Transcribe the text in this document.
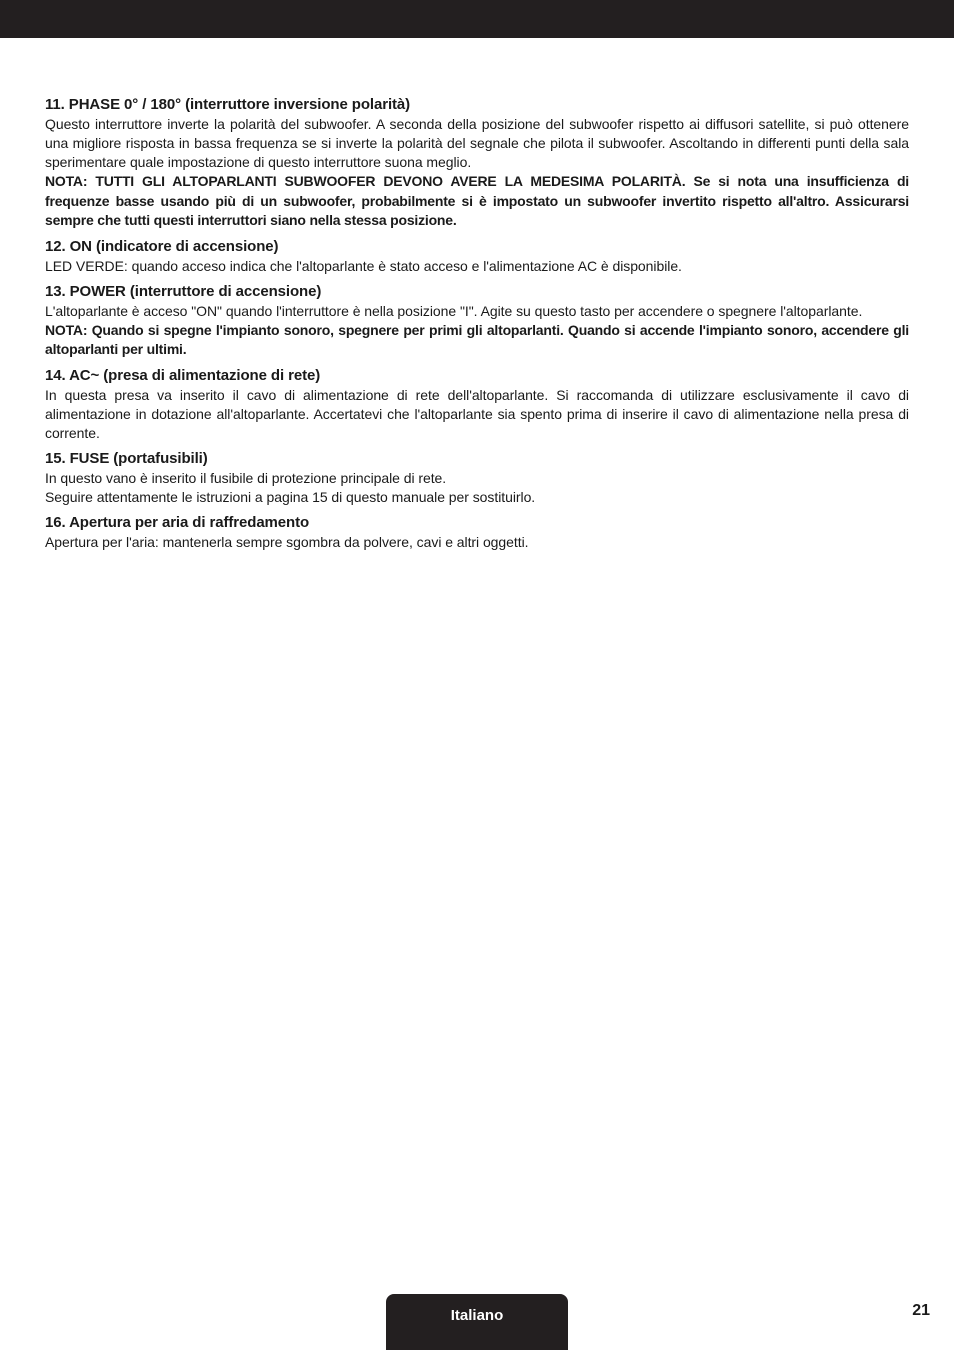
11. PHASE 0° / 180° (interruttore inversione polarità)

Questo interruttore inverte la polarità del subwoofer. A seconda della posizione del subwoofer rispetto ai diffusori satellite, si può ottenere una migliore risposta in bassa frequenza se si inverte la polarità del segnale che pilota il subwoofer. Ascoltando in differenti punti della sala sperimentare quale impostazione di questo interruttore suona meglio.

NOTA: TUTTI GLI ALTOPARLANTI SUBWOOFER DEVONO AVERE LA MEDESIMA POLARITÀ. Se si nota una insufficienza di frequenze basse usando più di un subwoofer, probabilmente si è impostato un subwoofer invertito rispetto all'altro. Assicurarsi sempre che tutti questi interruttori siano nella stessa posizione.

12. ON (indicatore di accensione)

LED VERDE: quando acceso indica che l'altoparlante è stato acceso e l'alimentazione AC è disponibile.

13. POWER (interruttore di accensione)

L'altoparlante è acceso "ON" quando l'interruttore è nella posizione "I". Agite su questo tasto per accendere o spegnere l'altoparlante.

NOTA: Quando si spegne l'impianto sonoro, spegnere per primi gli altoparlanti. Quando si accende l'impianto sonoro, accendere gli altoparlanti per ultimi.

14. AC~ (presa di alimentazione di rete)

In questa presa va inserito il cavo di alimentazione di rete dell'altoparlante. Si raccomanda di utilizzare esclusivamente il cavo di alimentazione in dotazione all'altoparlante. Accertatevi che l'altoparlante sia spento prima di inserire il cavo di alimentazione nella presa di corrente.

15. FUSE (portafusibili)

In questo vano è inserito il fusibile di protezione principale di rete.

Seguire attentamente le istruzioni a pagina 15 di questo manuale per sostituirlo.

16. Apertura per aria di raffredamento

Apertura per l'aria: mantenerla sempre sgombra da polvere, cavi e altri oggetti.

Italiano	21
